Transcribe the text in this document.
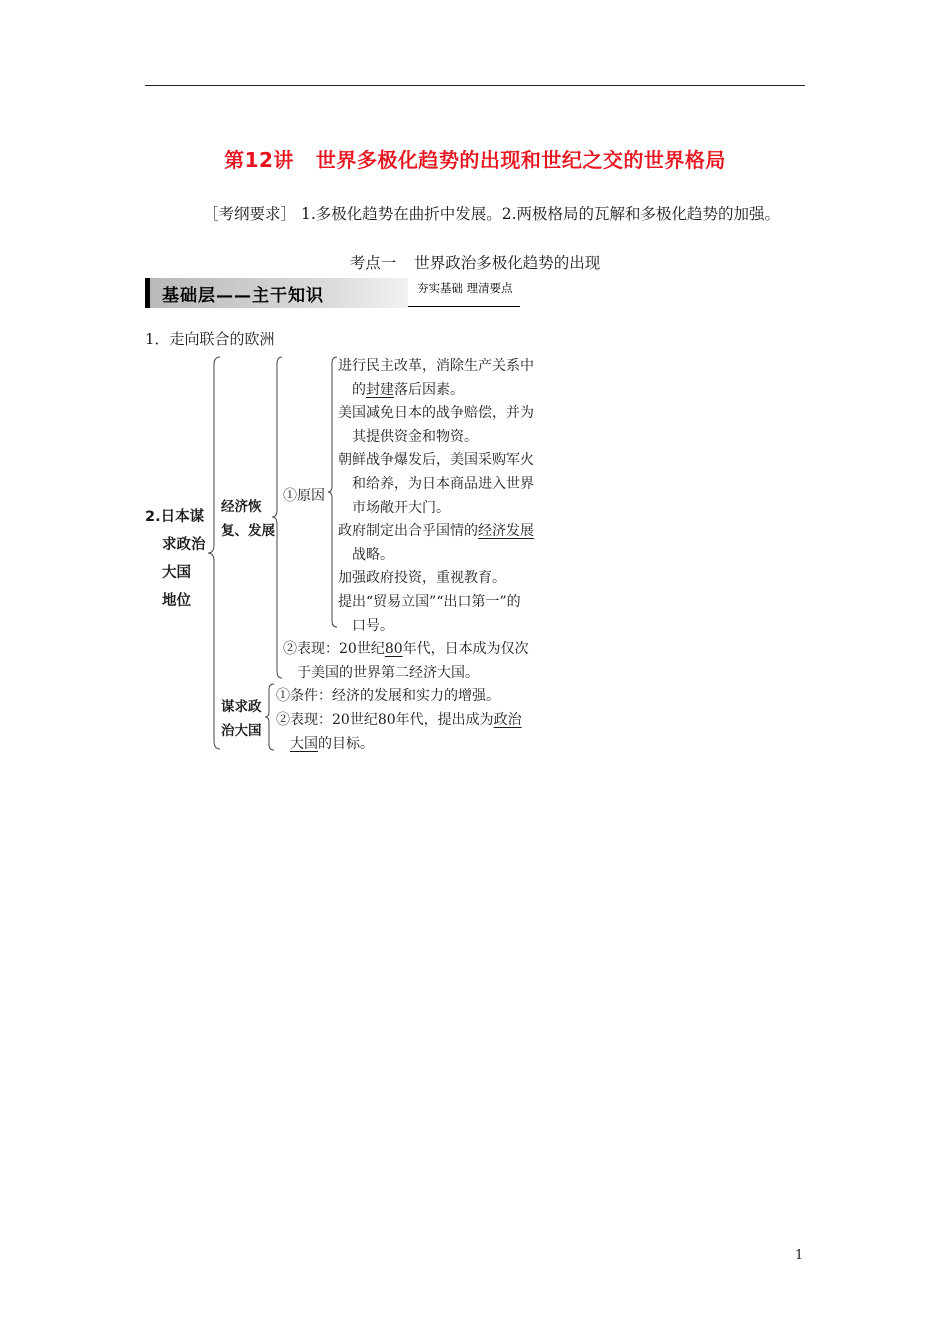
第12讲 世界多极化趋势的出现和世纪之交的世界格局
［考纲要求］ 1.多极化趋势在曲折中发展。2.两极格局的瓦解和多极化趋势的加强。
考点一 世界政治多极化趋势的出现
基础层——主干知识	夯实基础 理清要点
1．走向联合的欧洲
2.日本谋
求政治
大国
地位
经济恢
复、发展
①原因
进行民主改革，消除生产关系中
的封建落后因素。
美国减免日本的战争赔偿，并为
其提供资金和物资。
朝鲜战争爆发后，美国采购军火
和给养，为日本商品进入世界
市场敞开大门。
政府制定出合乎国情的经济发展
战略。
加强政府投资，重视教育。
提出“贸易立国”“出口第一”的
口号。
②表现：20世纪80年代，日本成为仅次
于美国的世界第二经济大国。
谋求政
治大国
①条件：经济的发展和实力的增强。
②表现：20世纪80年代，提出成为政治
大国的目标。
1
